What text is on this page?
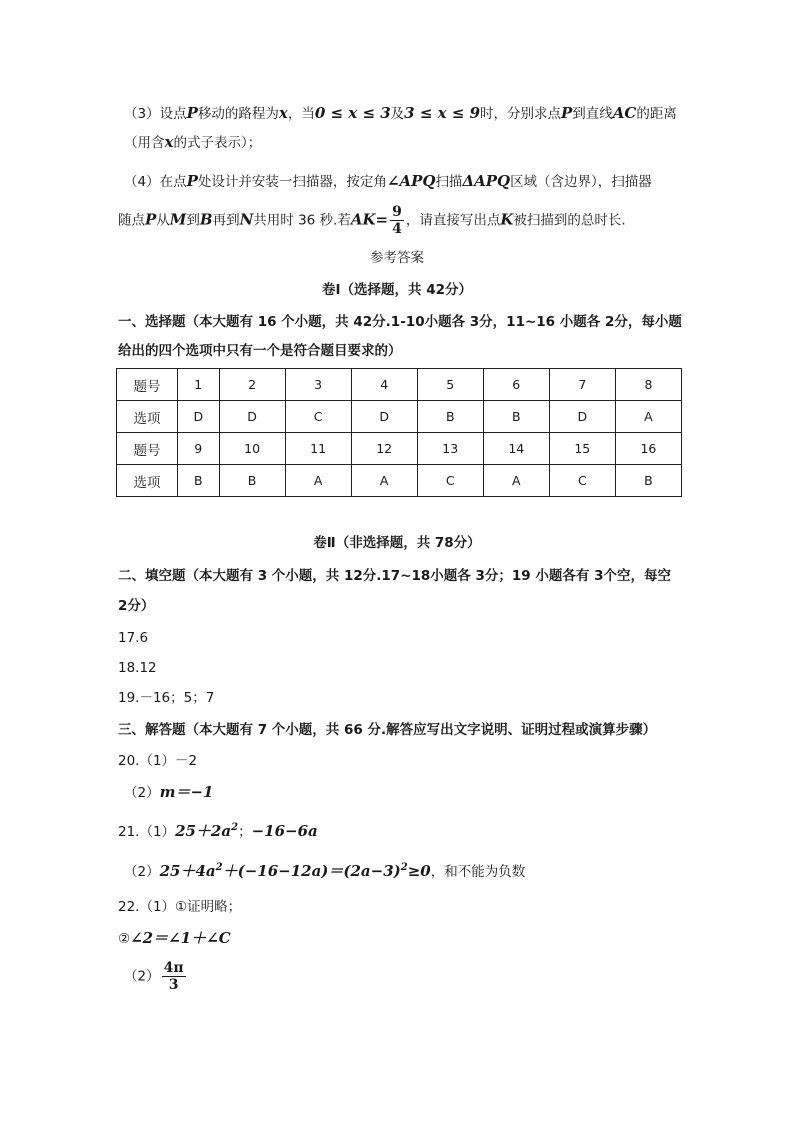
（3）设点P移动的路程为x，当0 ≤ x ≤ 3及3 ≤ x ≤ 9时，分别求点P到直线AC的距离
（用含x的式子表示）；
（4）在点P处设计并安装一扫描器，按定角∠APQ扫描ΔAPQ区域（含边界），扫描器
随点P从M到B再到N共用时 36 秒.若$AK= \frac{9}{4}$ ，请直接写出点K被扫描到的总时长.
参考答案
卷Ⅰ（选择题，共 42分）
一、选择题（本大题有 16 个小题，共 42分.1-10小题各 3分，11~16 小题各 2分，每小题
给出的四个选项中只有一个是符合题目要求的）
题号	1	2	3	4	5	6	7	8
选项	D	D	C	D	B	B	D	A
题号	9	10	11	12	13	14	15	16
选项	B	B	A	A	C	A	C	B
卷Ⅱ（非选择题，共 78分）
二、填空题（本大题有 3 个小题，共 12分.17~18小题各 3分；19 小题各有 3个空，每空
2分）
17.6
18.12
19.－16；5；7
三、解答题（本大题有 7 个小题，共 66 分.解答应写出文字说明、证明过程或演算步骤）
20.（1）－2
（2）m＝−1
$21.(1)25+2a^2$；−16−6a
$(2)25+4a^2+(-16-12a)=(2a-3)^2\ge 0$，和不能为负数
22.（1）①证明略；
②∠2＝∠1＋∠C
$(2) \frac{4\pi}{3}$
